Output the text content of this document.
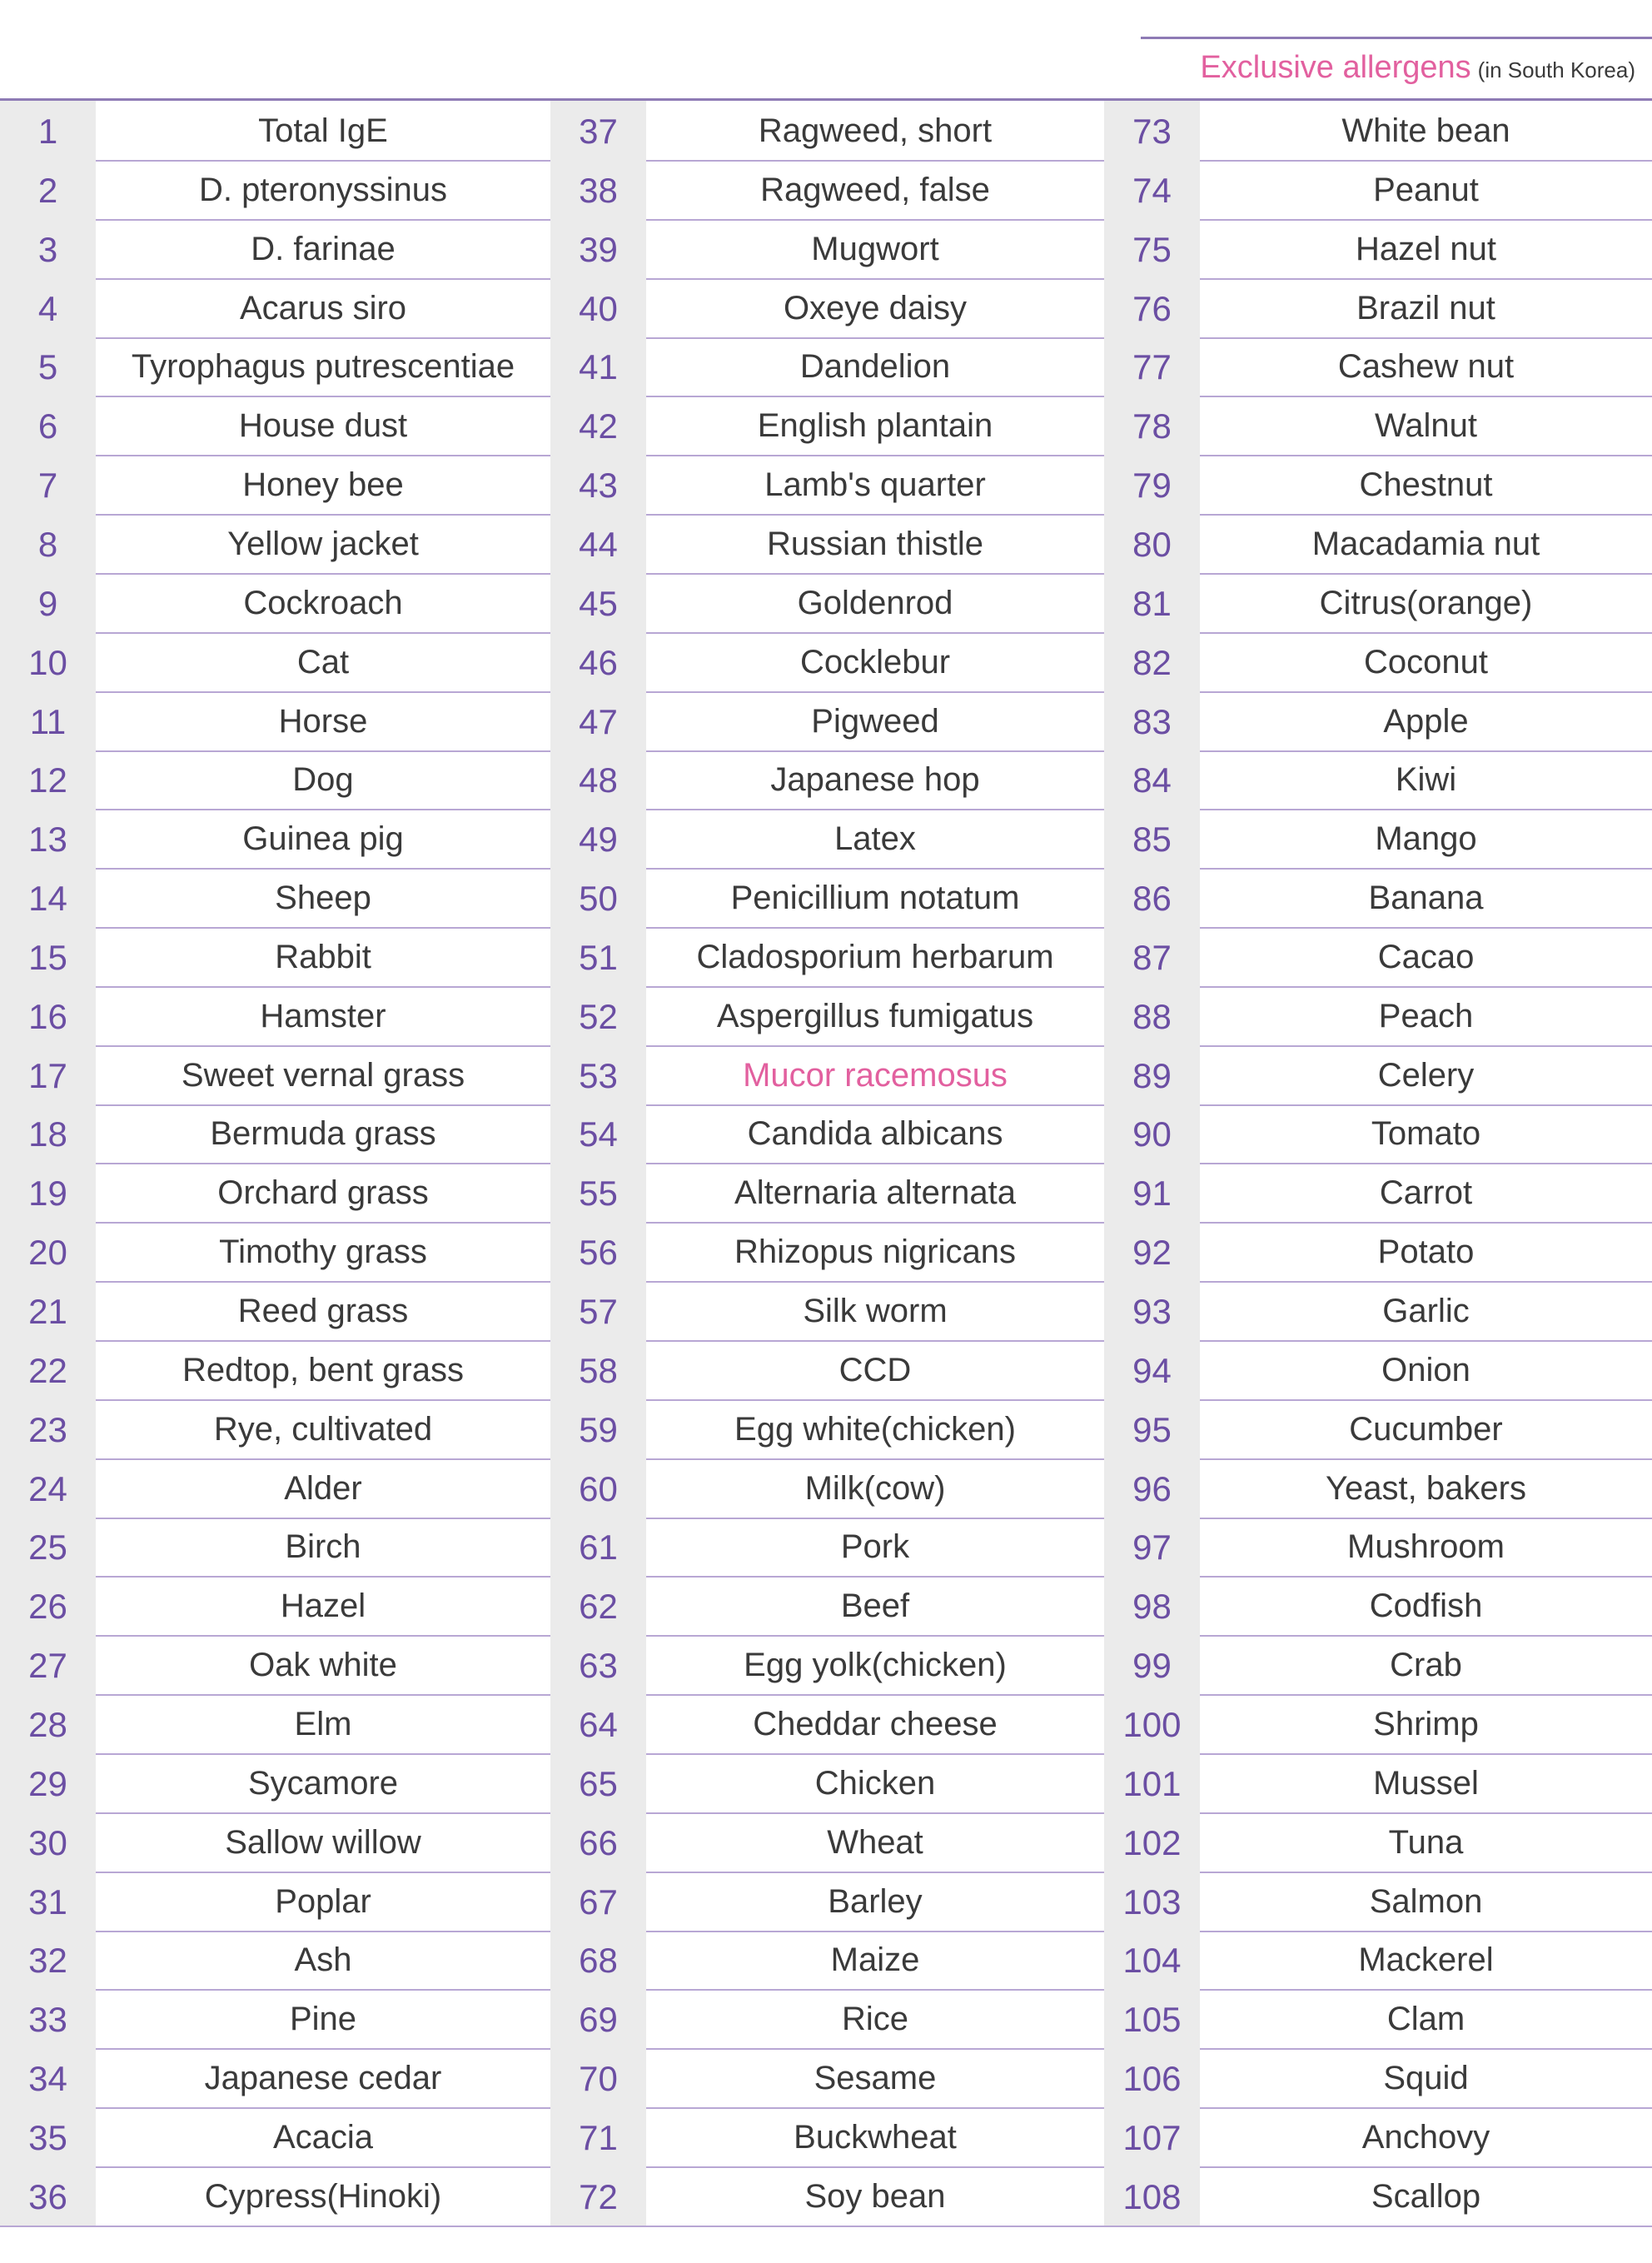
Exclusive allergens (in South Korea)
1	Total IgE	37	Ragweed, short	73	White bean
2	D. pteronyssinus	38	Ragweed, false	74	Peanut
3	D. farinae	39	Mugwort	75	Hazel nut
4	Acarus siro	40	Oxeye daisy	76	Brazil nut
5	Tyrophagus putrescentiae	41	Dandelion	77	Cashew nut
6	House dust	42	English plantain	78	Walnut
7	Honey bee	43	Lamb's quarter	79	Chestnut
8	Yellow jacket	44	Russian thistle	80	Macadamia nut
9	Cockroach	45	Goldenrod	81	Citrus(orange)
10	Cat	46	Cocklebur	82	Coconut
11	Horse	47	Pigweed	83	Apple
12	Dog	48	Japanese hop	84	Kiwi
13	Guinea pig	49	Latex	85	Mango
14	Sheep	50	Penicillium notatum	86	Banana
15	Rabbit	51	Cladosporium herbarum	87	Cacao
16	Hamster	52	Aspergillus fumigatus	88	Peach
17	Sweet vernal grass	53	Mucor racemosus	89	Celery
18	Bermuda grass	54	Candida albicans	90	Tomato
19	Orchard grass	55	Alternaria alternata	91	Carrot
20	Timothy grass	56	Rhizopus nigricans	92	Potato
21	Reed grass	57	Silk worm	93	Garlic
22	Redtop, bent grass	58	CCD	94	Onion
23	Rye, cultivated	59	Egg white(chicken)	95	Cucumber
24	Alder	60	Milk(cow)	96	Yeast, bakers
25	Birch	61	Pork	97	Mushroom
26	Hazel	62	Beef	98	Codfish
27	Oak white	63	Egg yolk(chicken)	99	Crab
28	Elm	64	Cheddar cheese	100	Shrimp
29	Sycamore	65	Chicken	101	Mussel
30	Sallow willow	66	Wheat	102	Tuna
31	Poplar	67	Barley	103	Salmon
32	Ash	68	Maize	104	Mackerel
33	Pine	69	Rice	105	Clam
34	Japanese cedar	70	Sesame	106	Squid
35	Acacia	71	Buckwheat	107	Anchovy
36	Cypress(Hinoki)	72	Soy bean	108	Scallop
